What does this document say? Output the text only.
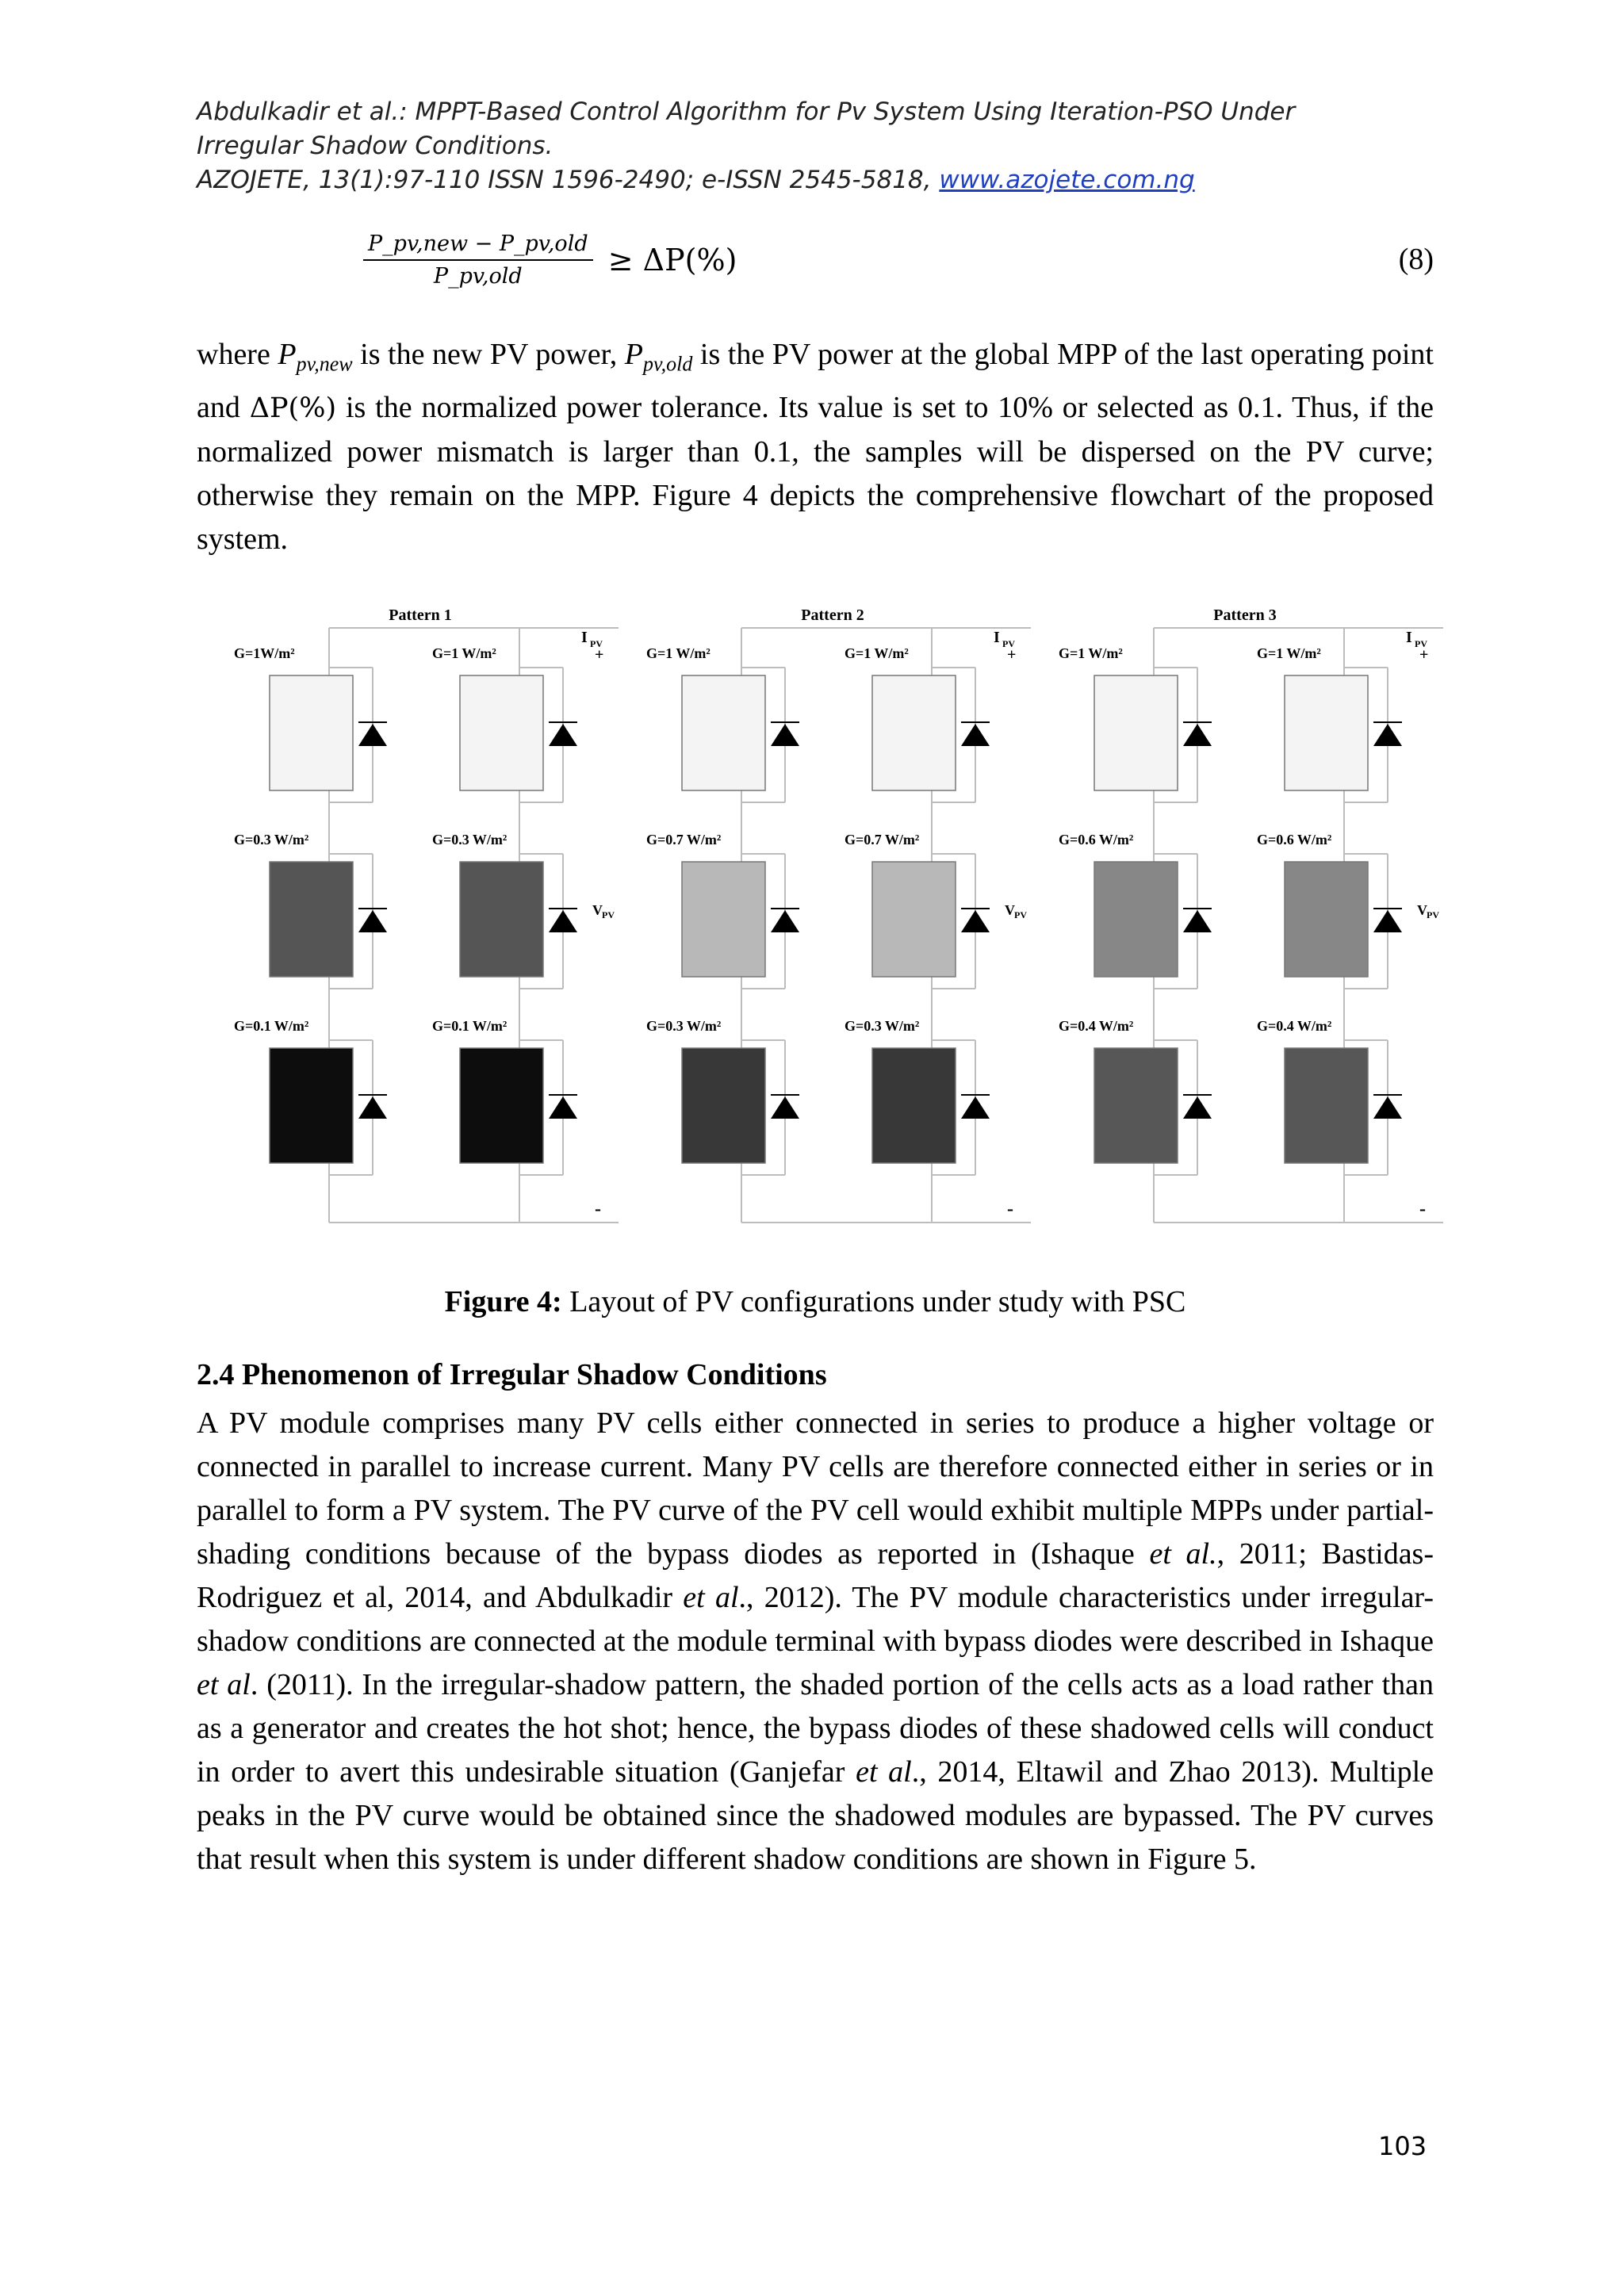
Abdulkadir et al.: MPPT-Based Control Algorithm for Pv System Using Iteration-PSO Under
Irregular Shadow Conditions.
AZOJETE, 13(1):97-110 ISSN 1596-2490; e-ISSN 2545-5818, www.azojete.com.ng
$\frac{\text{P\_pv,new − P\_pv,old}}{\text{P\_pv,old}} \ge \Delta P(\%)$	(8)

where $P_{pv,new}$ is the new PV power, $P_{pv,old}$ is the PV power at the global MPP of the last operating point and ΔP(%) is the normalized power tolerance. Its value is set to 10% or selected as 0.1. Thus, if the normalized power mismatch is larger than 0.1, the samples will be dispersed on the PV curve; otherwise they remain on the MPP. Figure 4 depicts the comprehensive flowchart of the proposed system.

Pattern 1
I PV
+
V PV
-
G=1W/m²	G=1 W/m²
G=0.3 W/m²	G=0.3 W/m²
G=0.1 W/m²	G=0.1 W/m²
Pattern 2
I PV
+
V PV
-
G=1 W/m²	G=1 W/m²
G=0.7 W/m²	G=0.7 W/m²
G=0.3 W/m²	G=0.3 W/m²
Pattern 3
I PV
+
V PV
-
G=1 W/m²	G=1 W/m²
G=0.6 W/m²	G=0.6 W/m²
G=0.4 W/m²	G=0.4 W/m²
Figure 4: Layout of PV configurations under study with PSC
2.4 Phenomenon of Irregular Shadow Conditions

A PV module comprises many PV cells either connected in series to produce a higher voltage or connected in parallel to increase current. Many PV cells are therefore connected either in series or in parallel to form a PV system. The PV curve of the PV cell would exhibit multiple MPPs under partial-shading conditions because of the bypass diodes as reported in (Ishaque et al., 2011; Bastidas-Rodriguez et al, 2014, and Abdulkadir et al., 2012). The PV module characteristics under irregular-shadow conditions are connected at the module terminal with bypass diodes were described in Ishaque et al. (2011). In the irregular-shadow pattern, the shaded portion of the cells acts as a load rather than as a generator and creates the hot shot; hence, the bypass diodes of these shadowed cells will conduct in order to avert this undesirable situation (Ganjefar et al., 2014, Eltawil and Zhao 2013). Multiple peaks in the PV curve would be obtained since the shadowed modules are bypassed. The PV curves that result when this system is under different shadow conditions are shown in Figure 5.

103
